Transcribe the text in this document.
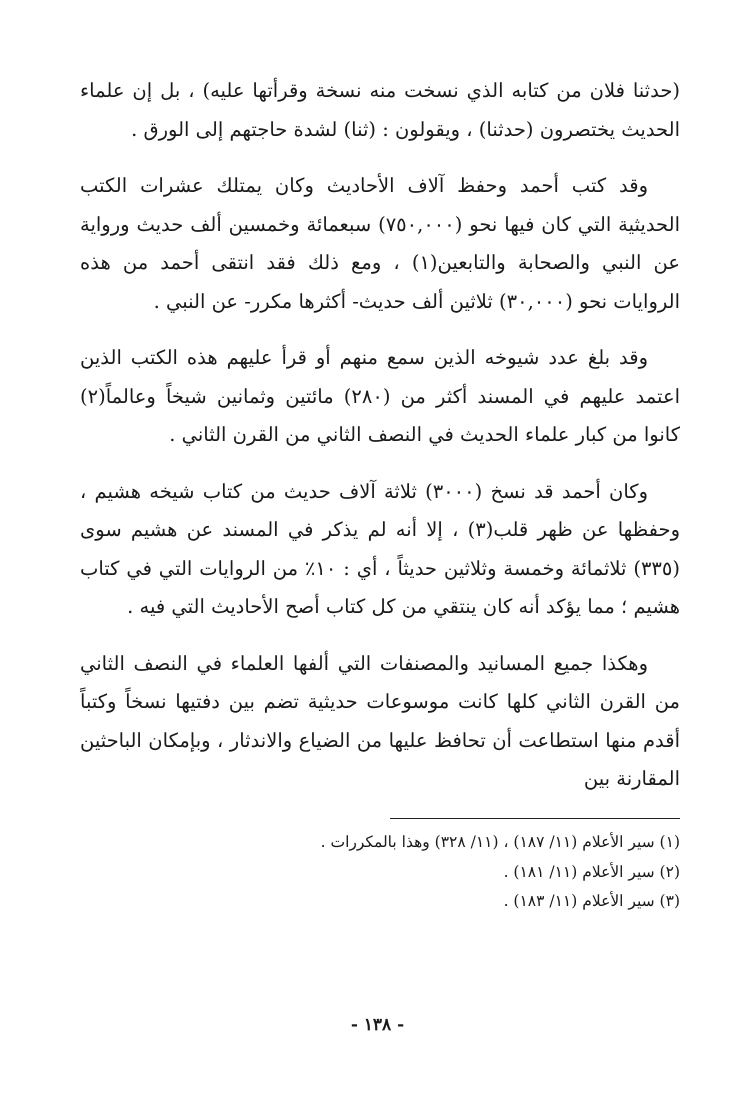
(حدثنا فلان من كتابه الذي نسخت منه نسخة وقرأتها عليه) ، بل إن علماء الحديث يختصرون (حدثنا) ، ويقولون : (ثنا) لشدة حاجتهم إلى الورق .

وقد كتب أحمد وحفظ آلاف الأحاديث وكان يمتلك عشرات الكتب الحديثية التي كان فيها نحو (٧٥٠,٠٠٠) سبعمائة وخمسين ألف حديث ورواية عن النبي والصحابة والتابعين(١) ، ومع ذلك فقد انتقى أحمد من هذه الروايات نحو (٣٠,٠٠٠) ثلاثين ألف حديث- أكثرها مكرر- عن النبي .

وقد بلغ عدد شيوخه الذين سمع منهم أو قرأ عليهم هذه الكتب الذين اعتمد عليهم في المسند أكثر من (٢٨٠) مائتين وثمانين شيخاً وعالماً(٢) كانوا من كبار علماء الحديث في النصف الثاني من القرن الثاني .

وكان أحمد قد نسخ (٣٠٠٠) ثلاثة آلاف حديث من كتاب شيخه هشيم ، وحفظها عن ظهر قلب(٣) ، إلا أنه لم يذكر في المسند عن هشيم سوى (٣٣٥) ثلاثمائة وخمسة وثلاثين حديثاً ، أي : ١٠٪ من الروايات التي في كتاب هشيم ؛ مما يؤكد أنه كان ينتقي من كل كتاب أصح الأحاديث التي فيه .

وهكذا جميع المسانيد والمصنفات التي ألفها العلماء في النصف الثاني من القرن الثاني كلها كانت موسوعات حديثية تضم بين دفتيها نسخاً وكتباً أقدم منها استطاعت أن تحافظ عليها من الضياع والاندثار ، وبإمكان الباحثين المقارنة بين

(١) سير الأعلام (١١/ ١٨٧) ، (١١/ ٣٢٨) وهذا بالمكررات .
(٢) سير الأعلام (١١/ ١٨١) .
(٣) سير الأعلام (١١/ ١٨٣) .
- ١٣٨ -
